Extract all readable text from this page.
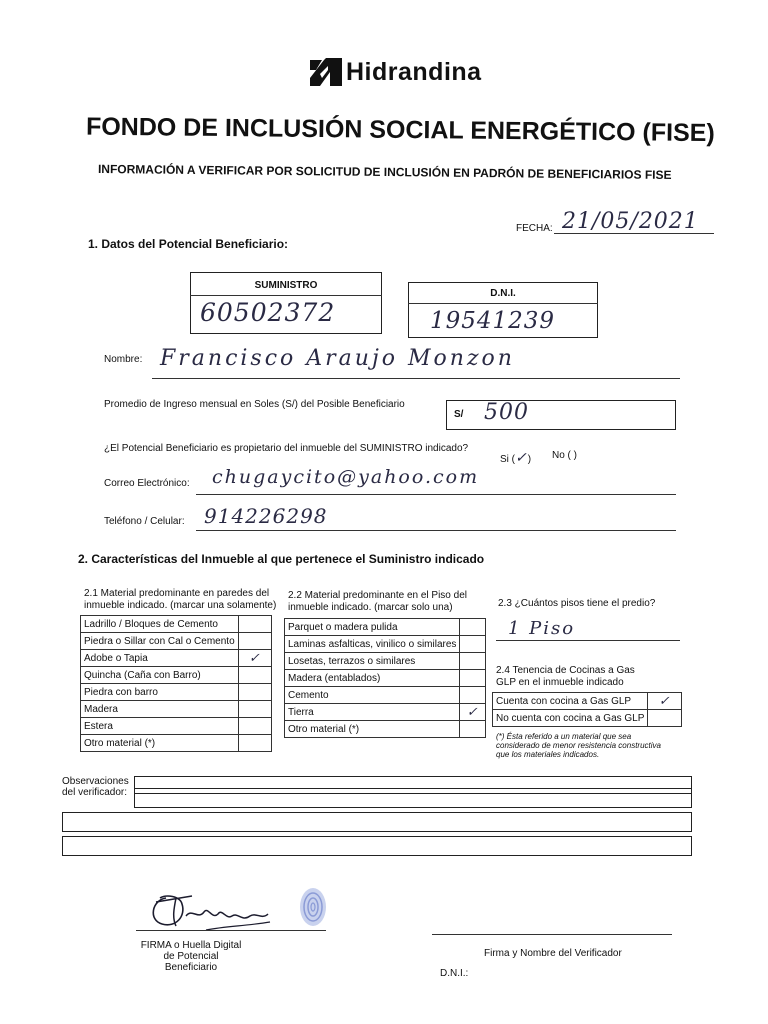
Hidrandina
FONDO DE INCLUSIÓN SOCIAL ENERGÉTICO (FISE)
INFORMACIÓN A VERIFICAR POR SOLICITUD DE INCLUSIÓN EN PADRÓN DE BENEFICIARIOS FISE
FECHA: 21/05/2021
1. Datos del Potencial Beneficiario:
SUMINISTRO
60502372
D.N.I.
19541239
Nombre: Francisco Araujo Monzon
Promedio de Ingreso mensual en Soles (S/) del Posible Beneficiario
S/ 500
¿El Potencial Beneficiario es propietario del inmueble del SUMINISTRO indicado?
Si (✓) No ( )
Correo Electrónico: chugaycito@yahoo.com
Teléfono / Celular: 914226298
2. Características del Inmueble al que pertenece el Suministro indicado
2.1 Material predominante en paredes del
inmueble indicado. (marcar una solamente)
Ladrillo / Bloques de Cemento	
Piedra o Sillar con Cal o Cemento	
Adobe o Tapia	✓
Quincha (Caña con Barro)	
Piedra con barro	
Madera	
Estera	
Otro material (*)	
2.2 Material predominante en el Piso del
inmueble indicado. (marcar solo una)
Parquet o madera pulida	
Laminas asfalticas, vinilico o similares	
Losetas, terrazos o similares	
Madera (entablados)	
Cemento	
Tierra	✓
Otro material (*)	
2.3 ¿Cuántos pisos tiene el predio?
1 Piso
2.4 Tenencia de Cocinas a Gas
GLP en el inmueble indicado
Cuenta con cocina a Gas GLP	✓
No cuenta con cocina a Gas GLP	
(*) Ésta referido a un material que sea considerado de menor resistencia constructiva que los materiales indicados.
Observaciones
del verificador:
FIRMA o Huella Digital
de Potencial Beneficiario
Firma y Nombre del Verificador
D.N.I.:
